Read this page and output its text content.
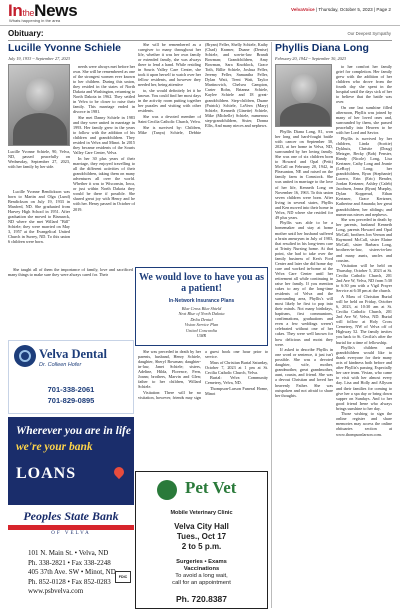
IntheNews
Whats happening in the area
VelvaVoice | Thursday, October 5, 2023 | Page 2
Obituary:	Our Deepest Sympathy
Lucille Yvonne Schiele
July 19, 1933 ~ September 27, 2023
Lucille Yvonne Schiele, 90, Velva, ND, passed peacefully on Wednesday, September 27, 2023, with her family by her side.

Lucille Yvonne Bendickson was born to Martin and Olga (Lund) Bendickson on July 19, 1933 in Manfred, ND. She graduated from Harvey High School in 1951. After graduation she moved to Bismarck, ND where she met Willard "Bill" Schiele; they were married on May 3, 1957 at the Evangelical United Church in Surrey, ND. To this union 6 children were born.

She taught all of them the importance of family, love and sacrificed many things to make sure they were always cared for. Their

needs were always met before her own. She will be remembered as one of the strongest women ever known to her children. During this union, they resided in the states of North Dakota and Washington, returning to North Dakota in 1962. They settled in Velva to be closer to raise their family. This marriage ended in divorce in 1981.

She met Danny Schiele in 1983 and they were united in marriage in 1993. Her family grew in the years to follow with the addition of his children and grandchildren. They resided in Velva and Minot. In 2015 they became residents of the Souris Valley Care Center, Velva.

In her 30 plus years of their marriage, they enjoyed travelling to all the different activities of their grandchildren, taking them on many adventures all over the world. Whether it was to Wisconsin, Iowa, or just within North Dakota they would be there if possible. She shared great joy with Henry and he with her. Henry passed in October of 2019.

She will be remembered as a caregiver to many throughout her life, whether it was her own family or extended family, she was always there to lend a hand. While residing in Souris Valley Care Center, she took it upon herself to watch over her fellow residents, and however they needed her, being attentive

to, she would definitely let it be known. You could find her most days in the activity room putting together her puzzles and visiting with other residents.

She was a devoted member of Saint Cecilia Catholic Church, Velva.

She is survived by: Children, Mike (Tanya) Schiele, Debbie (Bryan) Feller, Shelly Schiele, Kathy (Chad) Kramer, Duane (Denise) Schiele, and son-in-law Brandt Bowman; Grandchildren, Amy Bowman, Sara Knoblock, Grace Toth, Billie Schiele, Joshua Feller, Jeremy Feller, Samantha Feller, Dylan Watt, Trent Watt, Taylor Martinovich, Chelsea Campion, Carter Rohn, Brianna Schiele, Kaylee Schiele and 18 great-grandchildren. Step-children, Duane (Patrick) Schiele, LaVern (Mary) Schiele, Kenneth (Ginette) Schiele, Mike (Michelle) Schiele, numerous step-grandchildren, Sister, Donna Ellis, And many nieces and nephews.

She was preceded in death by her parents, husband, Henry Schiele, daughter, Sheryl Bowman; daughter-in-law, Janet Schiele; sisters, Adeline, Hilda, Florence, Fern, Joann; brothers, Marvin and Glen; father to her children, Willard Schiele.

Visitation: There will be no visitation, however, friends may sign a guest book one hour prior to service.

Mass of Christian Burial Saturday, October 7, 2023 at 1 pm at St. Cecilia Catholic Church, Velva.

Burial: Velva Community Cemetery, Velva, ND.

Thompson-Larson Funeral Home, Minot

Phyllis Diana Long
February 20, 1942 ~ September 30, 2023

Phyllis Diana Long, 81, won her long and hard-fought battle with cancer on September 30, 2023, at her home in Velva, ND, surrounded by her loving family. She was one of six children born to Howard and Opal (Petit) McCall on February 20, 1942, in Pleasanton, NE and raised on the family farm in Comstock. She was united in marriage to the love of her life, Kenneth Long on November 16, 1963. To this union seven children were born. After living in several states, Phyllis and Ken moved into their home in Velva, ND where she resided for 49 plus years.

Phyllis was able to be a homemaker and stay at home mother until her husband suffered a brain aneurysm in July of 1983, that resulted in his long-term care at Trinity Nursing home. At that point, she had to take over the family business of Ken's Ford Center and later she did home day care and worked in-home at the Velva Care Center until her retirement all while continuing to raise her family. If you mention cakes to any of the long-time residents of Velva and the surrounding area, Phyllis's will most likely be first to pop into their minds. Not many birthdays, baptisms, first communions, confirmations, graduations and even a few weddings weren't celebrated without one of her cakes. They were well known for how delicious and moist they were.

If asked to describe Phyllis in one word or sentence, it just isn't possible. She was a devoted daughter, wife, mother, grandmother, great grandmother, aunt, cousin, and friend. She was a devout Christian and loved her heavenly Father. She was outspoken and not afraid to share her thoughts.

to her comfort her family grief for completion. Her family grew with the addition of her children who drove from the fourth day she spent in the hospital until the days sick of her to believe that the battle was over.

On one last sunshine filled afternoon, Phyllis was joined by many of her loved ones and, surrounded by them, she passed peacefully into Heaven to be with her Lord and Savior.

Phyllis is survived by her children, Linda (Scottie) Dykhuis, Christie (Doug) Metzger, Becky (Bob) Fenster, Randy (Nicole) Long, Lisa Kertzner, Cathy Long and Jeanie (LeRoy) Long; her grandchildren, Ryan (Stephanie) Lucero, Erin (Eric) Bender, Jordan Kertzner, Ashley (Caleb) Jacobsen, Jenna (Ryan) Murphy, Dylan Kopperud, Ethan Kertzner, Grace Kertzner, Katherine and Amanda; her great grandchildren; her siblings; and numerous nieces and nephews.

She was preceded in death by her parents, husband Kenneth Long, parents Howard and Opal McCall, brothers Jon Vernon and Raymond McCall, sister Elaine McCall, sister Barbara Long, brothers-in-law, sisters-in-law and many aunts, uncles and cousins.

Visitation will be held on Thursday, October 5, 2023 at St. Cecilia Catholic Church, 201 2nd Ave W, Velva, ND from 5:30 to 6:30 pm with a Vigil Prayer Service at 6:30 pm at the church.

A Mass of Christian Burial will be held on Friday, October 6, 2023, at 10:30 am at St. Cecilia Catholic Church, 201 2nd Ave W, Velva, ND. Burial will follow at Holy Cross Cemetery, NW of Velva off of Highway 52. The family invites you back to St. Cecilia's after the burial for a time of fellowship.

Phyllis's children and grandchildren would like to thank everyone for their many acts of kindness both before and after Phyllis's passing. Especially her care team. Vivian, who came to visit with her almost every day. Lisa and Holly and Allyson and their families for coming to give her a spa day or bring down supper on Sundays. And to her good friend Irene who always brings sunshine to her day.

Those wishing to sign the online register and share memories may access the online obituaries section at www.thompsonlarson.com.

We would love to have you as a patient!
In-Network Insurance Plans
Blue Cross Blue Shield
Next Blue of North Dakota
Delta Dental
Vision Service Plan
United Concordia
UMR
Velva Dental
Dr. Colleen Hofer
701-338-2061
701-829-0895
Wherever you are in life
we're your bank
LOANS
Peoples State Bank
OF VELVA
101 N. Main St. • Velva, ND
Ph. 338-2821 • Fax 338-2248
405 37th Ave. SW • Minot, ND
Ph. 852-0128 • Fax 852-0283
www.psbvelva.com
FDIC
Pet Vet
Mobile Veterinary Clinic
Velva City Hall
Tues., Oct 17
2 to 5 p.m.
Surgeries • Exams
Vaccinations
To avoid a long wait,
call for an appointment
Ph. 720.8387
